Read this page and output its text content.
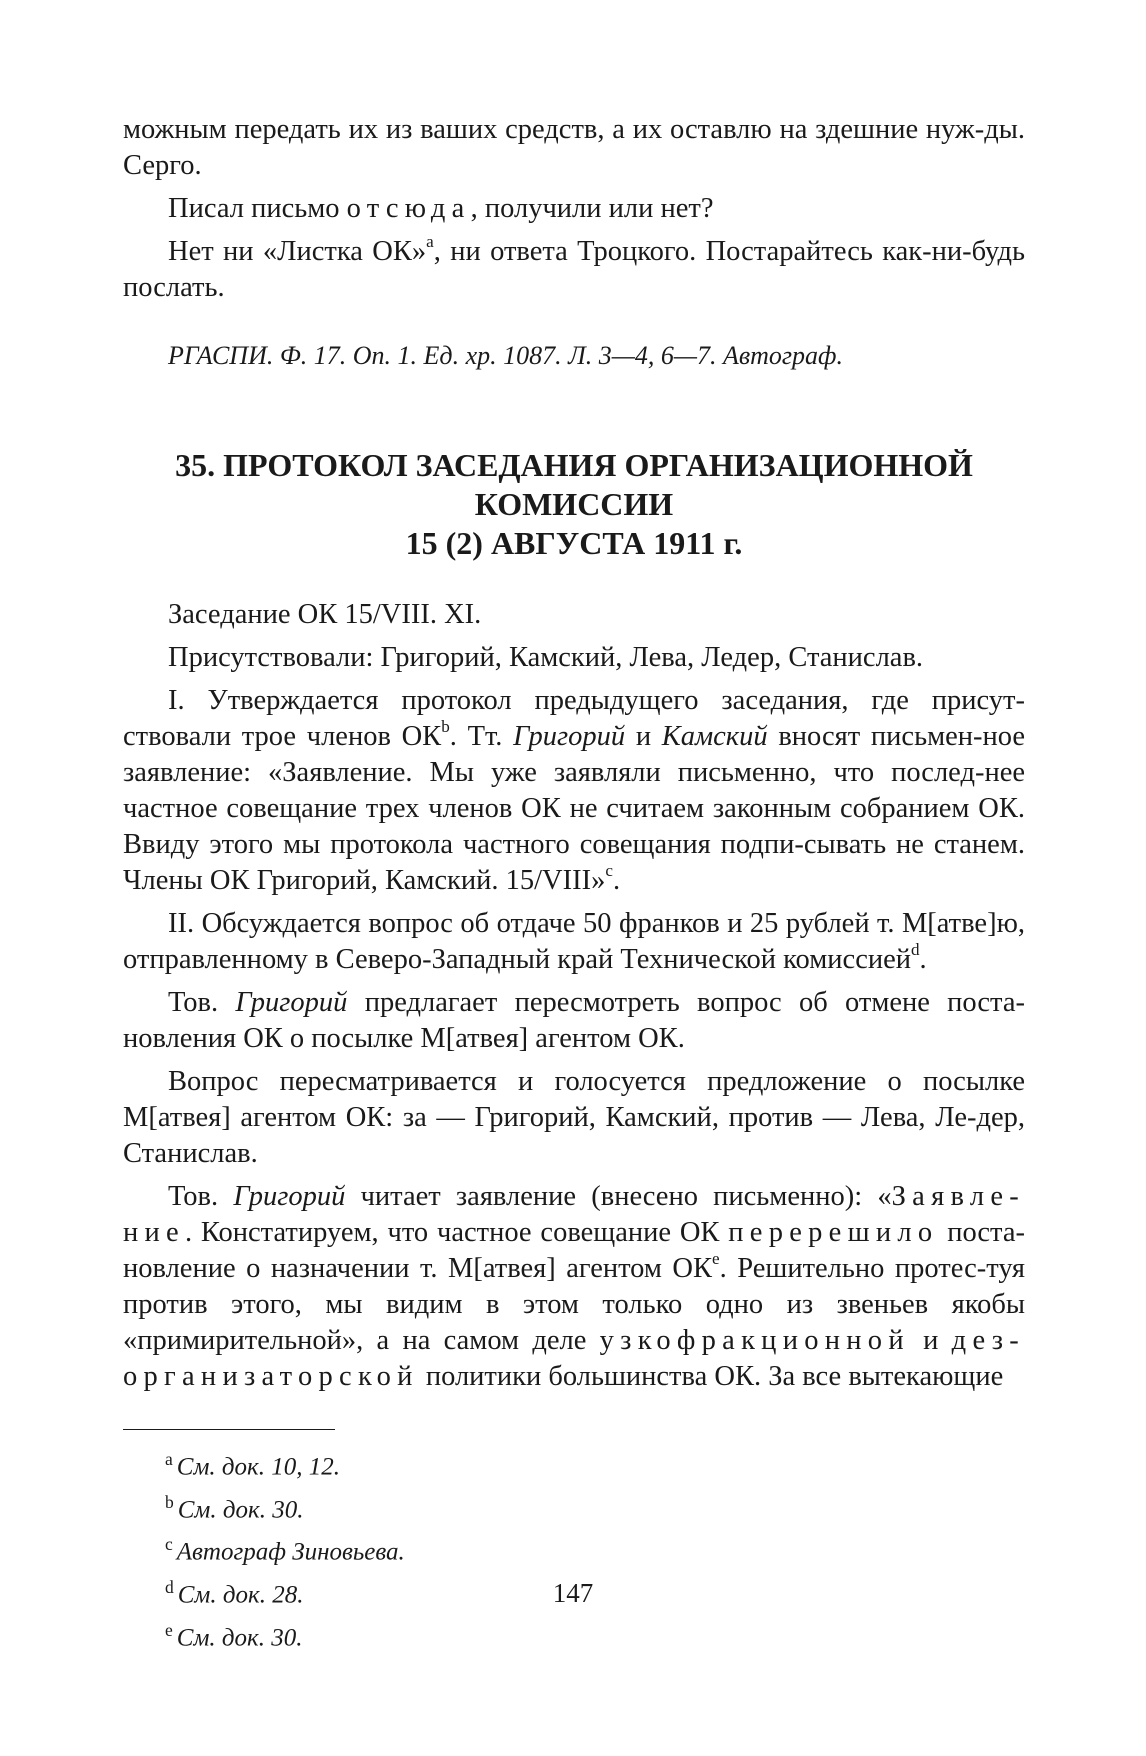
можным передать их из ваших средств, а их оставлю на здешние нуж-ды. Серго.

Писал письмо отсюда, получили или нет?

Нет ни «Листка ОК»$^a$, ни ответа Троцкого. Постарайтесь как-ни-будь послать.

РГАСПИ. Ф. 17. Оп. 1. Ед. хр. 1087. Л. 3—4, 6—7. Автограф.

35. ПРОТОКОЛ ЗАСЕДАНИЯ ОРГАНИЗАЦИОННОЙ
КОМИССИИ
15 (2) АВГУСТА 1911 г.

Заседание ОК 15/VIII. XI.

Присутствовали: Григорий, Камский, Лева, Ледер, Станислав.

I. Утверждается протокол предыдущего заседания, где присут-ствовали трое членов $ОК^b$. Тт. Григорий и Камский вносят письмен-ное заявление: «Заявление. Мы уже заявляли письменно, что послед-нее частное совещание трех членов ОК не считаем законным собранием ОК. Ввиду этого мы протокола частного совещания подпи-сывать не станем. Члены ОК Григорий, Камский. 15/VIII»$^c$.

II. Обсуждается вопрос об отдаче 50 франков и 25 рублей т. М[атве]ю, отправленному в Северо-Западный край Технической комиссией$^d$.

Тов. Григорий предлагает пересмотреть вопрос об отмене поста-новления ОК о посылке М[атвея] агентом ОК.

Вопрос пересматривается и голосуется предложение о посылке М[атвея] агентом ОК: за — Григорий, Камский, против — Лева, Ле-дер, Станислав.

Тов. Григорий читает заявление (внесено письменно): «Заявле-ние. Констатируем, что частное совещание ОК перерешило поста-новление о назначении т. М[атвея] агентом $ОК^e$. Решительно протес-туя против этого, мы видим в этом только одно из звеньев якобы «примирительной», а на самом деле узкофракционной и дез-организаторской политики большинства ОК. За все вытекающие

$^a$ См. док. 10, 12.
$^b$ См. док. 30.
$^c$ Автограф Зиновьева.
$^d$ См. док. 28.
$^e$ См. док. 30.
147
